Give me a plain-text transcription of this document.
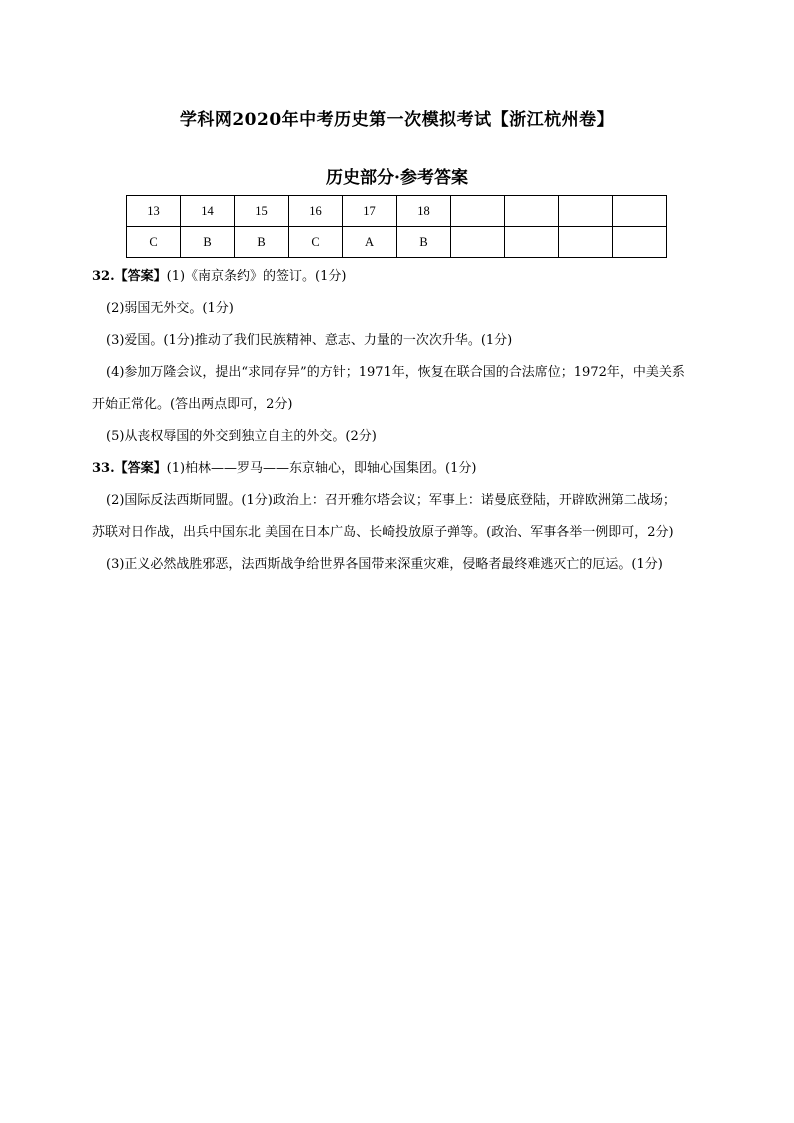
学科网2020年中考历史第一次模拟考试【浙江杭州卷】
历史部分·参考答案
13	14	15	16	17	18				
C	B	B	C	A	B				
32.【答案】(1)《南京条约》的签订。(1分)
(2)弱国无外交。(1分)
(3)爱国。(1分)推动了我们民族精神、意志、力量的一次次升华。(1分)
(4)参加万隆会议，提出“求同存异”的方针；1971年，恢复在联合国的合法席位；1972年，中美关系
开始正常化。(答出两点即可，2分)
(5)从丧权辱国的外交到独立自主的外交。(2分)
33.【答案】(1)柏林——罗马——东京轴心，即轴心国集团。(1分)
(2)国际反法西斯同盟。(1分)政治上：召开雅尔塔会议；军事上：诺曼底登陆，开辟欧洲第二战场；
苏联对日作战，出兵中国东北 美国在日本广岛、长崎投放原子弹等。(政治、军事各举一例即可，2分)
(3)正义必然战胜邪恶，法西斯战争给世界各国带来深重灾难，侵略者最终难逃灭亡的厄运。(1分)
